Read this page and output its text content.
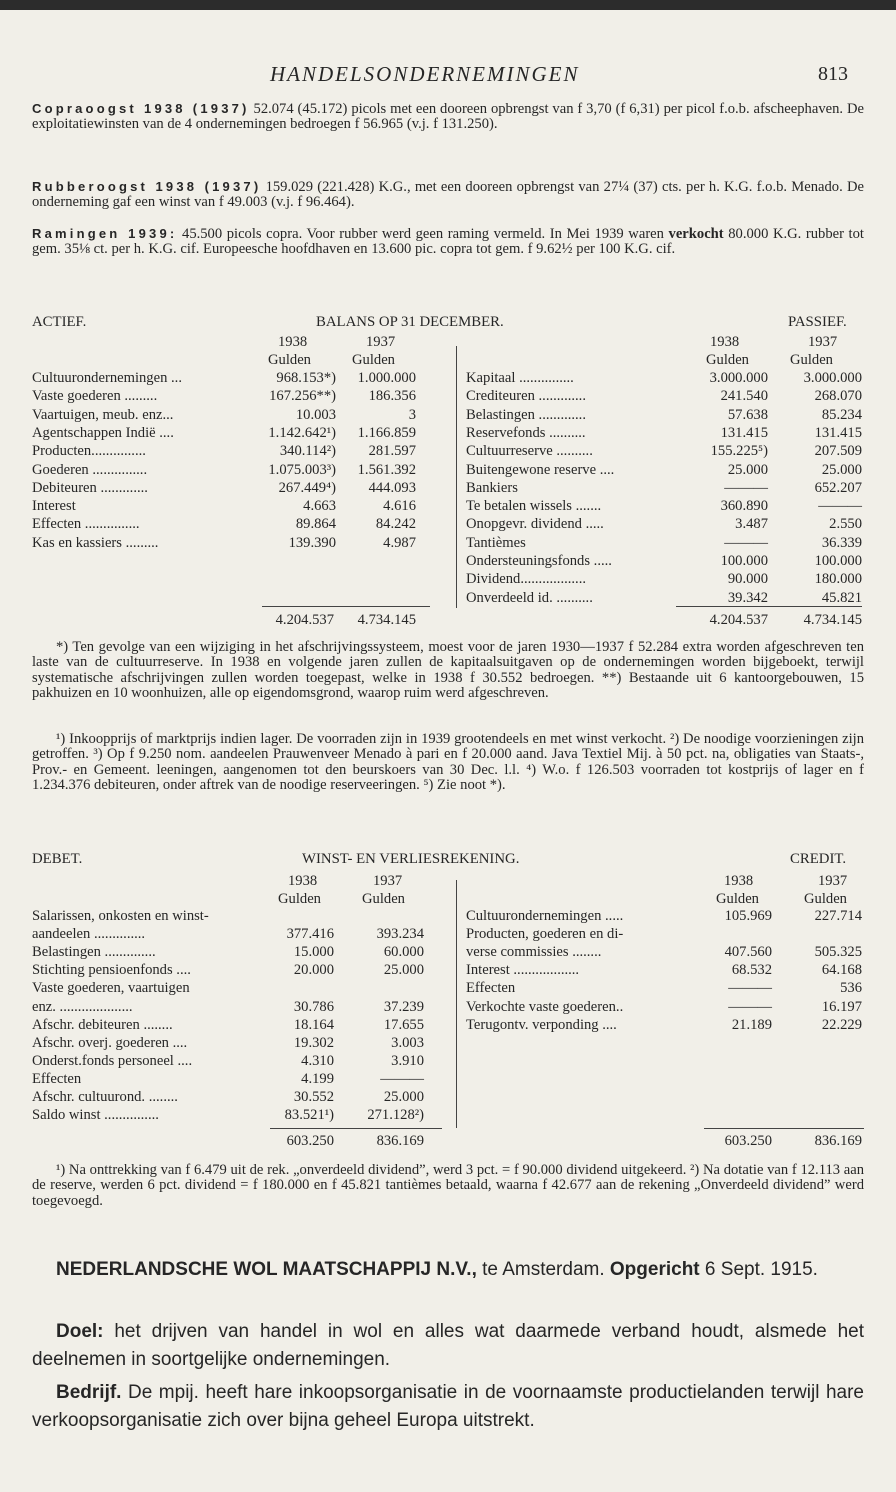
HANDELSONDERNEMINGEN	813
Copraoogst 1938 (1937) 52.074 (45.172) picols met een dooreen opbrengst van f 3,70 (f 6,31) per picol f.o.b. afscheephaven. De exploitatiewinsten van de 4 ondernemingen bedroegen f 56.965 (v.j. f 131.250).
Rubberoogst 1938 (1937) 159.029 (221.428) K.G., met een dooreen opbrengst van 27¼ (37) cts. per h. K.G. f.o.b. Menado. De onderneming gaf een winst van f 49.003 (v.j. f 96.464).
Ramingen 1939: 45.500 picols copra. Voor rubber werd geen raming vermeld. In Mei 1939 waren verkocht 80.000 K.G. rubber tot gem. 35⅛ ct. per h. K.G. cif. Europeesche hoofdhaven en 13.600 pic. copra tot gem. f 9.62½ per 100 K.G. cif.
ACTIEF.	BALANS OP 31 DECEMBER.	PASSIEF.
1938	1937	1938	1937
Gulden	Gulden	Gulden	Gulden
Cultuurondernemingen ...	968.153*)	1.000.000
Vaste goederen .........	167.256**)	186.356
Vaartuigen, meub. enz...	10.003	3
Agentschappen Indië ....	1.142.642¹)	1.166.859
Producten...............	340.114²)	281.597
Goederen ...............	1.075.003³)	1.561.392
Debiteuren .............	267.449⁴)	444.093
Interest	4.663	4.616
Effecten ...............	89.864	84.242
Kas en kassiers .........	139.390	4.987
Kapitaal ...............	3.000.000	3.000.000
Crediteuren .............	241.540	268.070
Belastingen .............	57.638	85.234
Reservefonds ..........	131.415	131.415
Cultuurreserve ..........	155.225⁵)	207.509
Buitengewone reserve ....	25.000	25.000
Bankiers	———	652.207
Te betalen wissels .......	360.890	———
Onopgevr. dividend .....	3.487	2.550
Tantièmes	———	36.339
Ondersteuningsfonds .....	100.000	100.000
Dividend..................	90.000	180.000
Onverdeeld id. ..........	39.342	45.821
4.204.537	4.734.145	4.204.537	4.734.145
*) Ten gevolge van een wijziging in het afschrijvingssysteem, moest voor de jaren 1930—1937 f 52.284 extra worden afgeschreven ten laste van de cultuurreserve. In 1938 en volgende jaren zullen de kapitaalsuitgaven op de ondernemingen worden bijgeboekt, terwijl systematische afschrijvingen zullen worden toegepast, welke in 1938 f 30.552 bedroegen. **) Bestaande uit 6 kantoorgebouwen, 15 pakhuizen en 10 woonhuizen, alle op eigendomsgrond, waarop ruim werd afgeschreven.
¹) Inkoopprijs of marktprijs indien lager. De voorraden zijn in 1939 grootendeels en met winst verkocht. ²) De noodige voorzieningen zijn getroffen. ³) Op f 9.250 nom. aandeelen Prauwenveer Menado à pari en f 20.000 aand. Java Textiel Mij. à 50 pct. na, obligaties van Staats-, Prov.- en Gemeent. leeningen, aangenomen tot den beurskoers van 30 Dec. l.l. ⁴) W.o. f 126.503 voorraden tot kostprijs of lager en f 1.234.376 debiteuren, onder aftrek van de noodige reserveeringen. ⁵) Zie noot *).
DEBET.	WINST- EN VERLIESREKENING.	CREDIT.
1938	1937	1938	1937
Gulden	Gulden	Gulden	Gulden
Salarissen, onkosten en winst-
aandeelen ..............	377.416	393.234
Belastingen ..............	15.000	60.000
Stichting pensioenfonds ....	20.000	25.000
Vaste goederen, vaartuigen
enz. ....................	30.786	37.239
Afschr. debiteuren ........	18.164	17.655
Afschr. overj. goederen ....	19.302	3.003
Onderst.fonds personeel ....	4.310	3.910
Effecten	4.199	———
Afschr. cultuurond. ........	30.552	25.000
Saldo winst ...............	83.521¹)	271.128²)
Cultuurondernemingen .....	105.969	227.714
Producten, goederen en di-
verse commissies ........	407.560	505.325
Interest ..................	68.532	64.168
Effecten	———	536
Verkochte vaste goederen..	———	16.197
Terugontv. verponding ....	21.189	22.229
603.250	836.169	603.250	836.169
¹) Na onttrekking van f 6.479 uit de rek. „onverdeeld dividend”, werd 3 pct. = f 90.000 dividend uitgekeerd. ²) Na dotatie van f 12.113 aan de reserve, werden 6 pct. dividend = f 180.000 en f 45.821 tantièmes betaald, waarna f 42.677 aan de rekening „Onverdeeld dividend” werd toegevoegd.
NEDERLANDSCHE WOL MAATSCHAPPIJ N.V., te Amsterdam. Opgericht 6 Sept. 1915.
Doel: het drijven van handel in wol en alles wat daarmede verband houdt, alsmede het deelnemen in soortgelijke ondernemingen.
Bedrijf. De mpij. heeft hare inkoopsorganisatie in de voornaamste productielanden terwijl hare verkoopsorganisatie zich over bijna geheel Europa uitstrekt.
